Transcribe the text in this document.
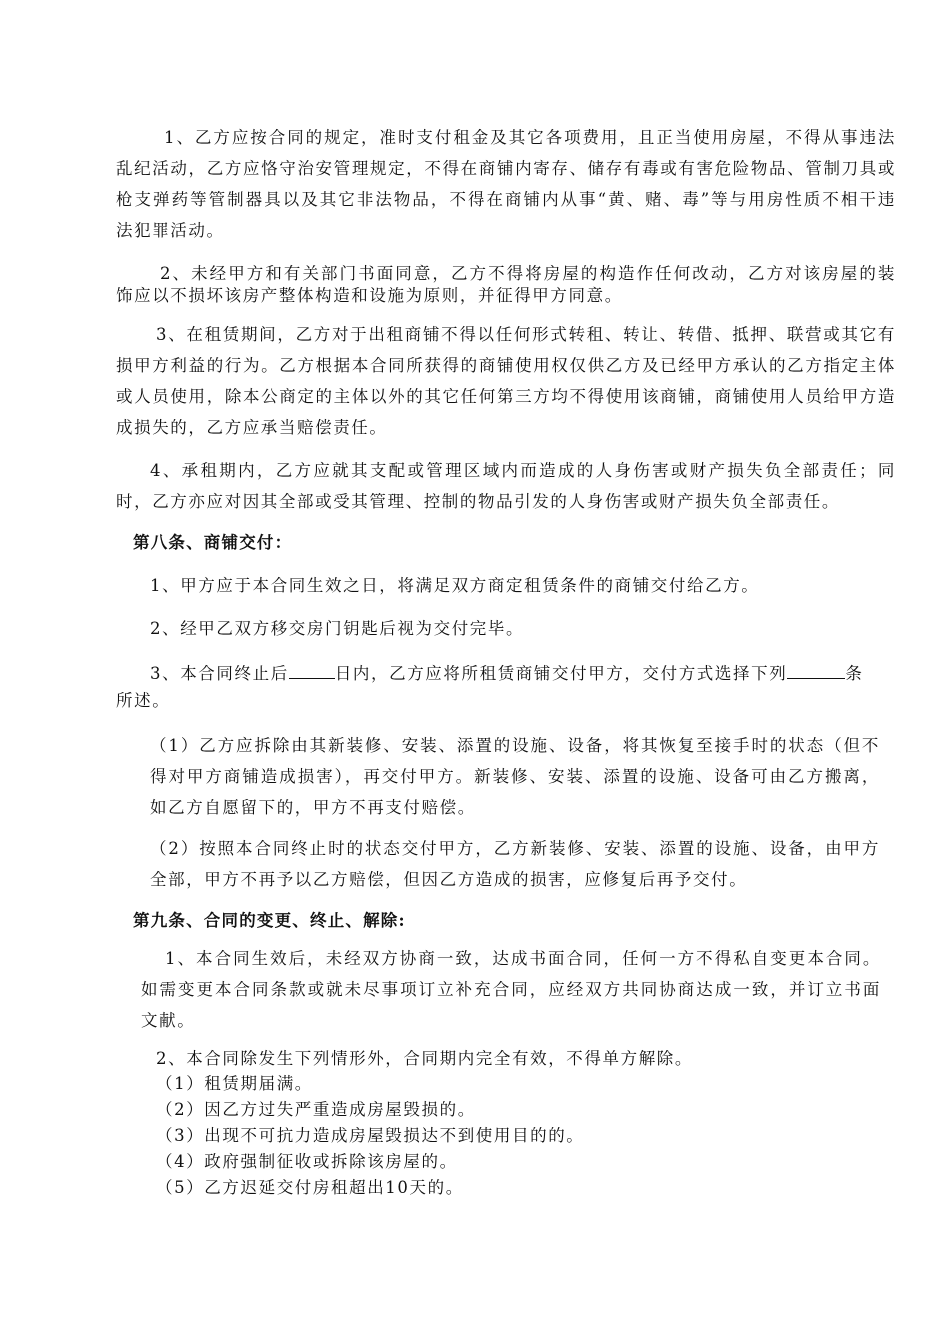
1、乙方应按合同的规定，准时支付租金及其它各项费用，且正当使用房屋，不得从事违法乱纪活动，乙方应恪守治安管理规定，不得在商铺内寄存、储存有毒或有害危险物品、管制刀具或枪支弹药等管制器具以及其它非法物品，不得在商铺内从事“黄、赌、毒”等与用房性质不相干违法犯罪活动。

2、未经甲方和有关部门书面同意，乙方不得将房屋的构造作任何改动，乙方对该房屋的装饰应以不损坏该房产整体构造和设施为原则，并征得甲方同意。

3、在租赁期间，乙方对于出租商铺不得以任何形式转租、转让、转借、抵押、联营或其它有损甲方利益的行为。乙方根据本合同所获得的商铺使用权仅供乙方及已经甲方承认的乙方指定主体或人员使用，除本公商定的主体以外的其它任何第三方均不得使用该商铺，商铺使用人员给甲方造成损失的，乙方应承当赔偿责任。

4、承租期内，乙方应就其支配或管理区域内而造成的人身伤害或财产损失负全部责任；同时，乙方亦应对因其全部或受其管理、控制的物品引发的人身伤害或财产损失负全部责任。

第八条、商铺交付：

1、甲方应于本合同生效之日，将满足双方商定租赁条件的商铺交付给乙方。

2、经甲乙双方移交房门钥匙后视为交付完毕。

3、本合同终止后	日内，乙方应将所租赁商铺交付甲方，交付方式选择下列	条

所述。

（1）乙方应拆除由其新装修、安装、添置的设施、设备，将其恢复至接手时的状态（但不得对甲方商铺造成损害），再交付甲方。新装修、安装、添置的设施、设备可由乙方搬离，如乙方自愿留下的，甲方不再支付赔偿。

（2）按照本合同终止时的状态交付甲方，乙方新装修、安装、添置的设施、设备，由甲方全部，甲方不再予以乙方赔偿，但因乙方造成的损害，应修复后再予交付。

第九条、合同的变更、终止、解除:

1、本合同生效后，未经双方协商一致，达成书面合同，任何一方不得私自变更本合同。如需变更本合同条款或就未尽事项订立补充合同，应经双方共同协商达成一致，并订立书面文献。

2、本合同除发生下列情形外，合同期内完全有效，不得单方解除。

（1）租赁期届满。

（2）因乙方过失严重造成房屋毁损的。

（3）出现不可抗力造成房屋毁损达不到使用目的的。

（4）政府强制征收或拆除该房屋的。

（5）乙方迟延交付房租超出10天的。
